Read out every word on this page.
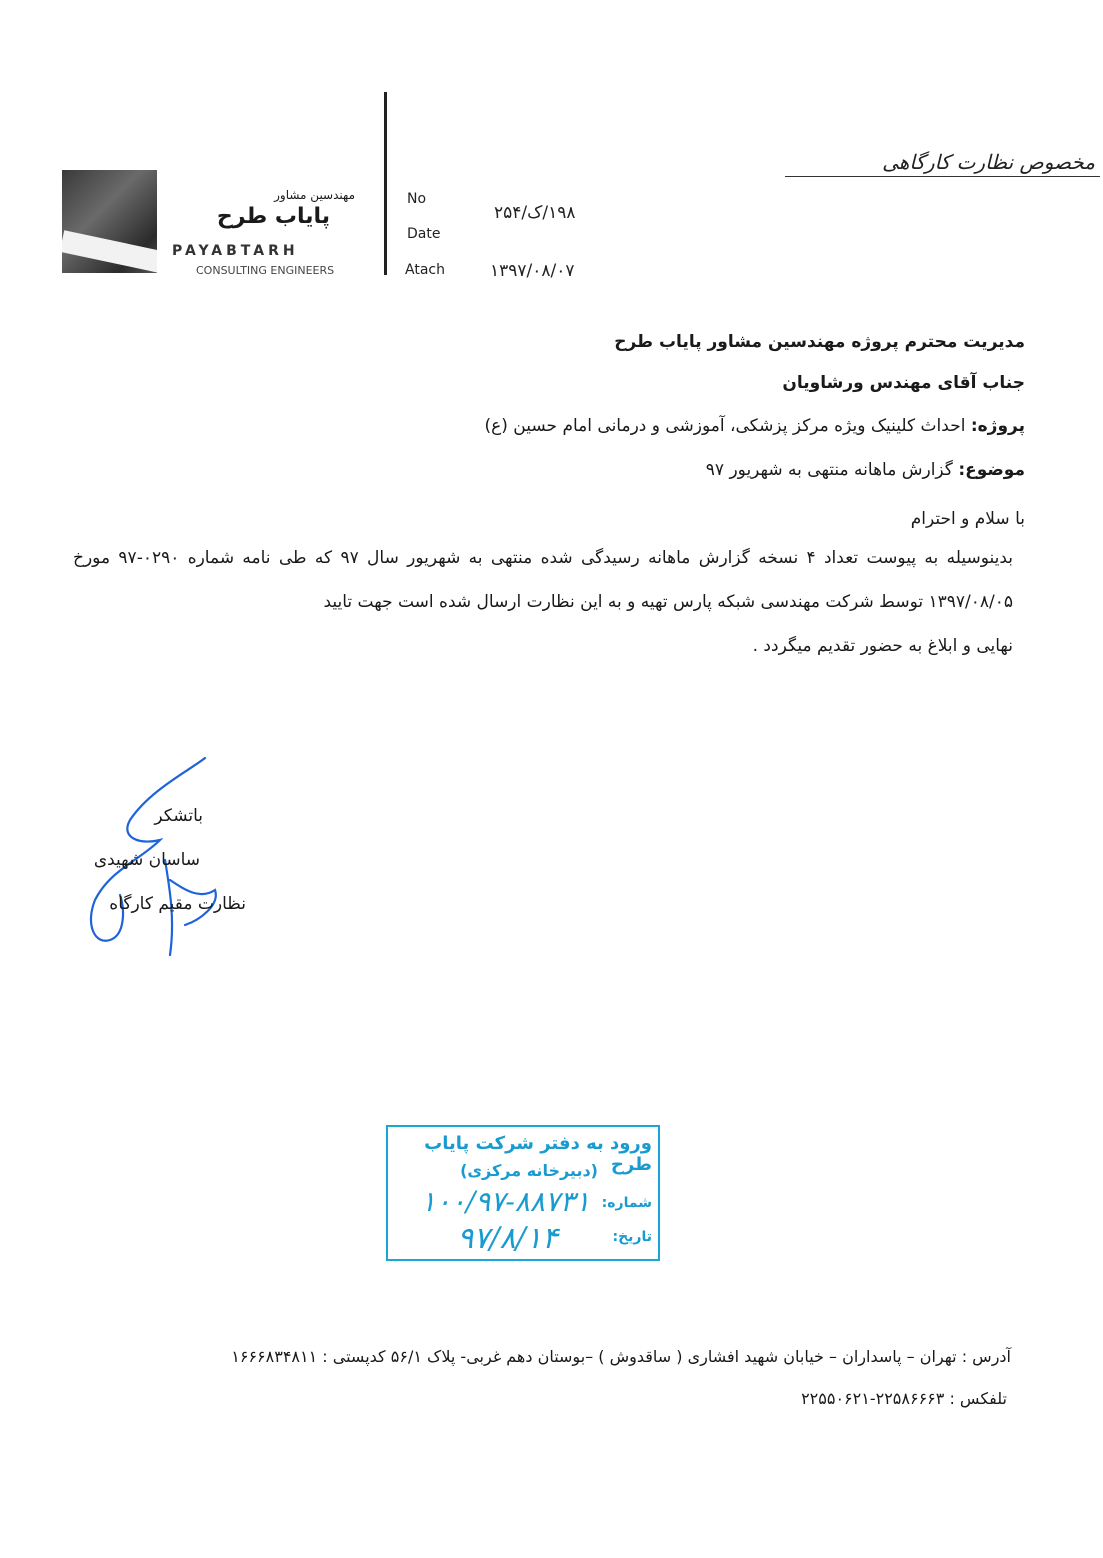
مخصوص نظارت کارگاهی
مهندسین مشاور
پایاب طرح
PAYABTARH
CONSULTING ENGINEERS
No
Date
Atach
۱۹۸/ک/۲۵۴
۱۳۹۷/۰۸/۰۷
مدیریت محترم پروژه مهندسین مشاور پایاب طرح
جناب آقای مهندس ورشاویان
پروژه: احداث کلینیک ویژه مرکز پزشکی، آموزشی و درمانی امام حسین (ع)
موضوع: گزارش ماهانه منتهی به شهریور ۹۷
با سلام و احترام
بدینوسیله به پیوست تعداد ۴ نسخه گزارش ماهانه رسیدگی شده منتهی به شهریور سال ۹۷ که طی نامه شماره ۰۲۹۰-۹۷ مورخ ۱۳۹۷/۰۸/۰۵ توسط شرکت مهندسی شبکه پارس تهیه و به این نظارت ارسال شده است جهت تایید
نهایی و ابلاغ به حضور تقدیم میگردد .
باتشکر
ساسان شهیدی
نظارت مقیم کارگاه
ورود به دفتر شرکت پایاب طرح
(دبیرخانه مرکزی)
شماره:
۱۰۰/۹۷-۸۸۷۳۱
تاریخ:
۹۷/۸/۱۴
آدرس : تهران – پاسداران – خیابان شهید افشاری ( ساقدوش ) –بوستان دهم غربی- پلاک ۵۶/۱ کدپستی : ۱۶۶۶۸۳۴۸۱۱
تلفکس : ۲۲۵۸۶۶۶۳-۲۲۵۵۰۶۲۱
